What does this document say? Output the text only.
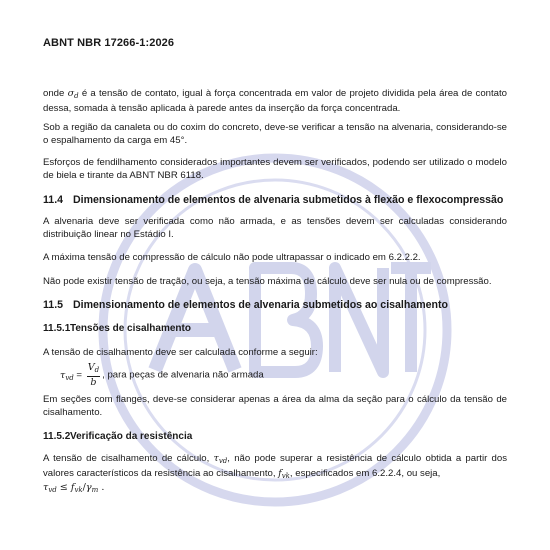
ABNT NBR 17266-1:2026
onde $\sigma_d$ é a tensão de contato, igual à força concentrada em valor de projeto dividida pela área de contato dessa, somada à tensão aplicada à parede antes da inserção da força concentrada.
Sob a região da canaleta ou do coxim do concreto, deve-se verificar a tensão na alvenaria, considerando-se o espalhamento da carga em 45°.
Esforços de fendilhamento considerados importantes devem ser verificados, podendo ser utilizado o modelo de biela e tirante da ABNT NBR 6118.
11.4 Dimensionamento de elementos de alvenaria submetidos à flexão e flexocompressão
A alvenaria deve ser verificada como não armada, e as tensões devem ser calculadas considerando distribuição linear no Estádio I.
A máxima tensão de compressão de cálculo não pode ultrapassar o indicado em 6.2.2.2.
Não pode existir tensão de tração, ou seja, a tensão máxima de cálculo deve ser nula ou de compressão.
11.5 Dimensionamento de elementos de alvenaria submetidos ao cisalhamento
11.5.1Tensões de cisalhamento
A tensão de cisalhamento deve ser calculada conforme a seguir:
$\tau_{vd} = \frac{V_d}{b}$ , para peças de alvenaria não armada
Em seções com flanges, deve-se considerar apenas a área da alma da seção para o cálculo da tensão de cisalhamento.
11.5.2Verificação da resistência
A tensão de cisalhamento de cálculo, $\tau_{vd}$, não pode superar a resistência de cálculo obtida a partir dos valores característicos da resistência ao cisalhamento, $f_{vk}$, especificados em 6.2.2.4, ou seja,
$\tau_{vd} \le f_{vk}/\gamma_m$ .
